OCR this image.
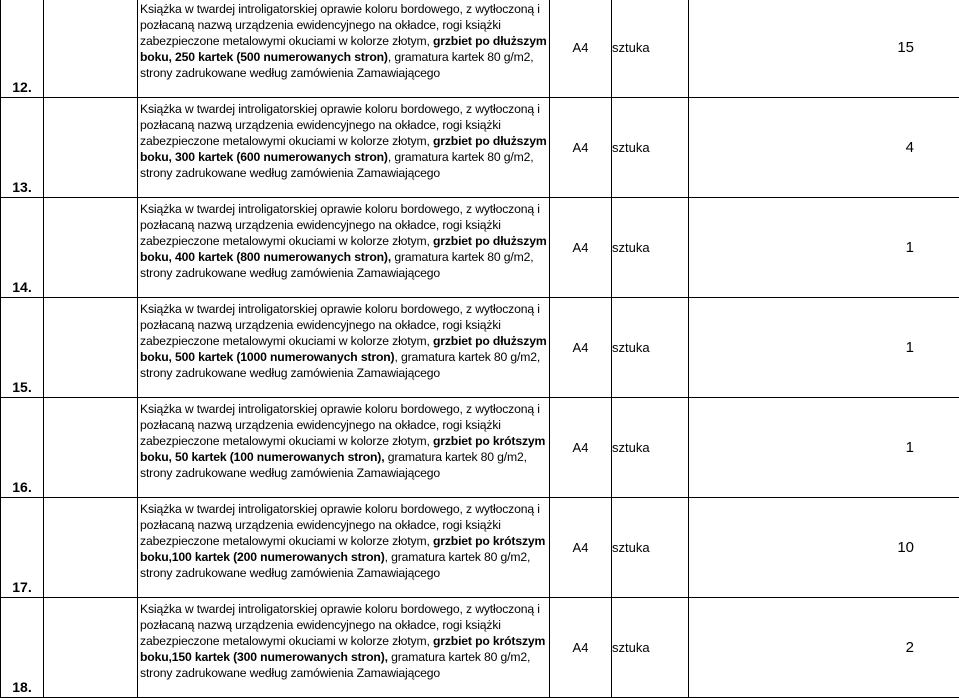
12.		Książka w twardej introligatorskiej oprawie koloru bordowego, z wytłoczoną i pozłacaną nazwą urządzenia ewidencyjnego na okładce, rogi książki zabezpieczone metalowymi okuciami w kolorze złotym, grzbiet po dłuższym boku, 250 kartek (500 numerowanych stron), gramatura kartek 80 g/m2, strony zadrukowane według zamówienia Zamawiającego	A4	sztuka	15

13.		Książka w twardej introligatorskiej oprawie koloru bordowego, z wytłoczoną i pozłacaną nazwą urządzenia ewidencyjnego na okładce, rogi książki zabezpieczone metalowymi okuciami w kolorze złotym, grzbiet po dłuższym boku, 300 kartek (600 numerowanych stron), gramatura kartek 80 g/m2, strony zadrukowane według zamówienia Zamawiającego	A4	sztuka	4

14.		Książka w twardej introligatorskiej oprawie koloru bordowego, z wytłoczoną i pozłacaną nazwą urządzenia ewidencyjnego na okładce, rogi książki zabezpieczone metalowymi okuciami w kolorze złotym, grzbiet po dłuższym boku, 400 kartek (800 numerowanych stron), gramatura kartek 80 g/m2, strony zadrukowane według zamówienia Zamawiającego	A4	sztuka	1

15.		Książka w twardej introligatorskiej oprawie koloru bordowego, z wytłoczoną i pozłacaną nazwą urządzenia ewidencyjnego na okładce, rogi książki zabezpieczone metalowymi okuciami w kolorze złotym, grzbiet po dłuższym boku, 500 kartek (1000 numerowanych stron), gramatura kartek 80 g/m2, strony zadrukowane według zamówienia Zamawiającego	A4	sztuka	1

16.		Książka w twardej introligatorskiej oprawie koloru bordowego, z wytłoczoną i pozłacaną nazwą urządzenia ewidencyjnego na okładce, rogi książki zabezpieczone metalowymi okuciami w kolorze złotym, grzbiet po krótszym boku, 50 kartek (100 numerowanych stron), gramatura kartek 80 g/m2, strony zadrukowane według zamówienia Zamawiającego	A4	sztuka	1

17.		Książka w twardej introligatorskiej oprawie koloru bordowego, z wytłoczoną i pozłacaną nazwą urządzenia ewidencyjnego na okładce, rogi książki zabezpieczone metalowymi okuciami w kolorze złotym, grzbiet po krótszym boku,100 kartek (200 numerowanych stron), gramatura kartek 80 g/m2, strony zadrukowane według zamówienia Zamawiającego	A4	sztuka	10

18.		Książka w twardej introligatorskiej oprawie koloru bordowego, z wytłoczoną i pozłacaną nazwą urządzenia ewidencyjnego na okładce, rogi książki zabezpieczone metalowymi okuciami w kolorze złotym, grzbiet po krótszym boku,150 kartek (300 numerowanych stron), gramatura kartek 80 g/m2, strony zadrukowane według zamówienia Zamawiającego	A4	sztuka	2
